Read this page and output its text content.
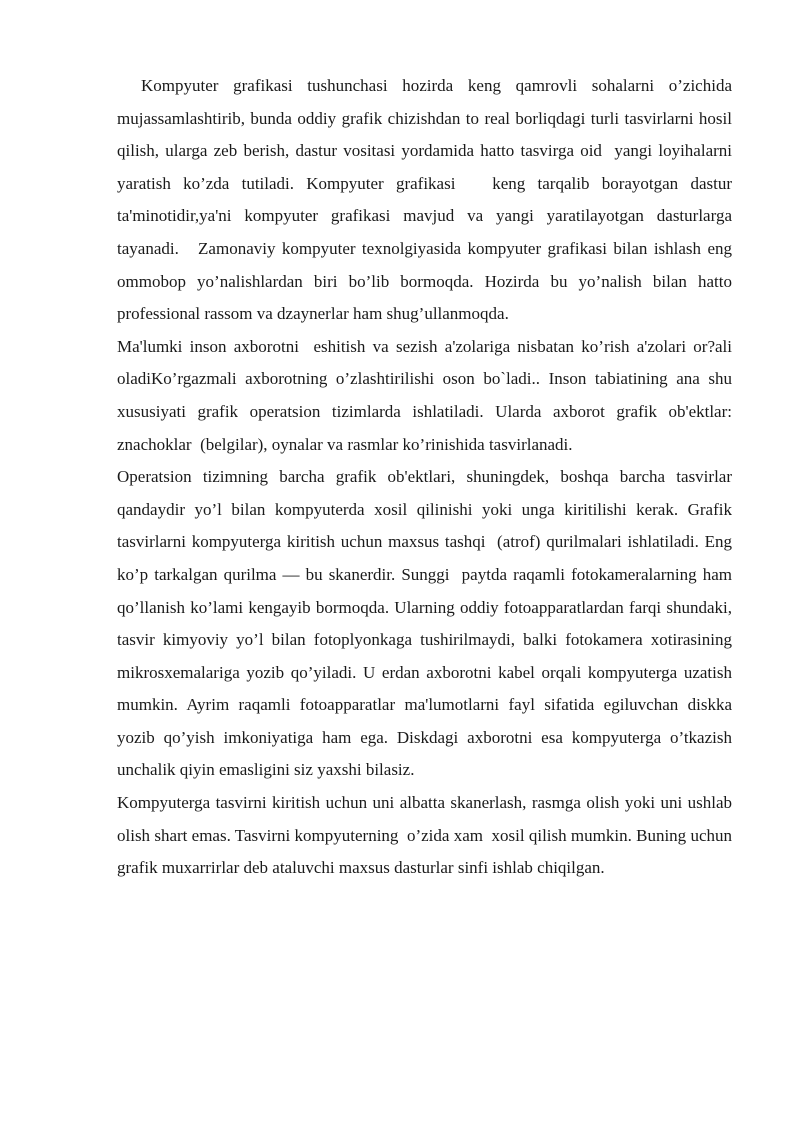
Kompyuter grafikasi tushunchasi hozirda keng qamrovli sohalarni o’zichida mujassamlashtirib, bunda oddiy grafik chizishdan to real borliqdagi turli tasvirlarni hosil qilish, ularga zeb berish, dastur vositasi yordamida hatto tasvirga oid  yangi loyihalarni yaratish ko’zda tutiladi. Kompyuter grafikasi   keng tarqalib borayotgan dastur ta'minotidir,ya'ni kompyuter grafikasi mavjud va yangi yaratilayotgan dasturlarga tayanadi.   Zamonaviy kompyuter texnolgiyasida kompyuter grafikasi bilan ishlash eng ommobop yo’nalishlardan biri bo’lib bormoqda. Hozirda bu yo’nalish bilan hatto professional rassom va dzaynerlar ham shug’ullanmoqda.

Ma'lumki inson axborotni  eshitish va sezish a'zolariga nisbatan ko’rish a'zolari or?ali oladiKo’rgazmali axborotning o’zlashtirilishi oson bo`ladi.. Inson tabiatining ana shu xususiyati grafik operatsion tizimlarda ishlatiladi. Ularda axborot grafik ob'ektlar: znachoklar  (belgilar), oynalar va rasmlar ko’rinishida tasvirlanadi.

Operatsion tizimning barcha grafik ob'ektlari, shuningdek, boshqa barcha tasvirlar qandaydir yo’l bilan kompyuterda xosil qilinishi yoki unga kiritilishi kerak. Grafik tasvirlarni kompyuterga kiritish uchun maxsus tashqi  (atrof) qurilmalari ishlatiladi. Eng ko’p tarkalgan qurilma — bu skanerdir. Sunggi  paytda raqamli fotokameralarning ham qo’llanish ko’lami kengayib bormoqda. Ularning oddiy fotoapparatlardan farqi shundaki, tasvir kimyoviy yo’l bilan fotoplyonkaga tushirilmaydi, balki fotokamera xotirasining mikrosxemalariga yozib qo’yiladi. U erdan axborotni kabel orqali kompyuterga uzatish mumkin. Ayrim raqamli fotoapparatlar ma'lumotlarni fayl sifatida egiluvchan diskka yozib qo’yish imkoniyatiga ham ega. Diskdagi axborotni esa kompyuterga o’tkazish unchalik qiyin emasligini siz yaxshi bilasiz.

Kompyuterga tasvirni kiritish uchun uni albatta skanerlash, rasmga olish yoki uni ushlab olish shart emas. Tasvirni kompyuterning  o’zida xam  xosil qilish mumkin. Buning uchun grafik muxarrirlar deb ataluvchi maxsus dasturlar sinfi ishlab chiqilgan.
